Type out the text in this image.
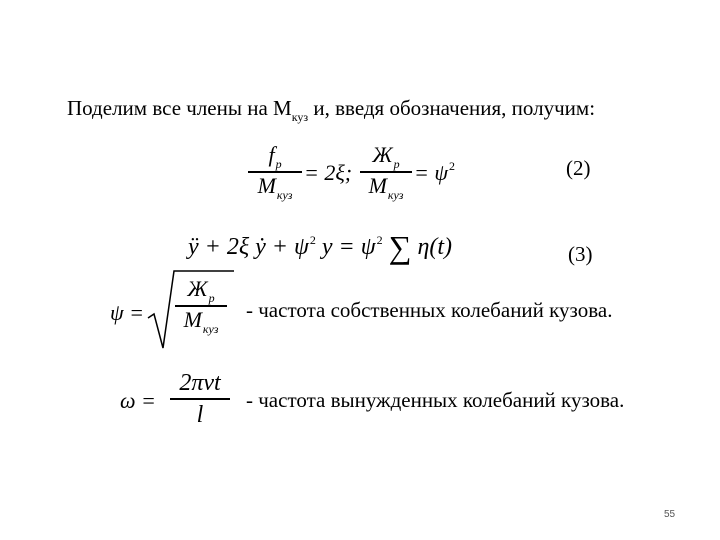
Поделим все члены на $М_{куз}$ и, введя обозначения, получим:
$f_p$
$M_{куз}$
= 2ξ;
$Ж_p$
$M_{куз}$
= $\psi^2$	(2)
ÿ + 2ξ ẏ + $\psi^2$ $y = \psi^2$ ∑ η(t)	(3)
ψ =
$Ж_p$
$M_{куз}$
- частота собственных колебаний кузова.
ω =
2πvt
l
- частота вынужденных колебаний кузова.
55
